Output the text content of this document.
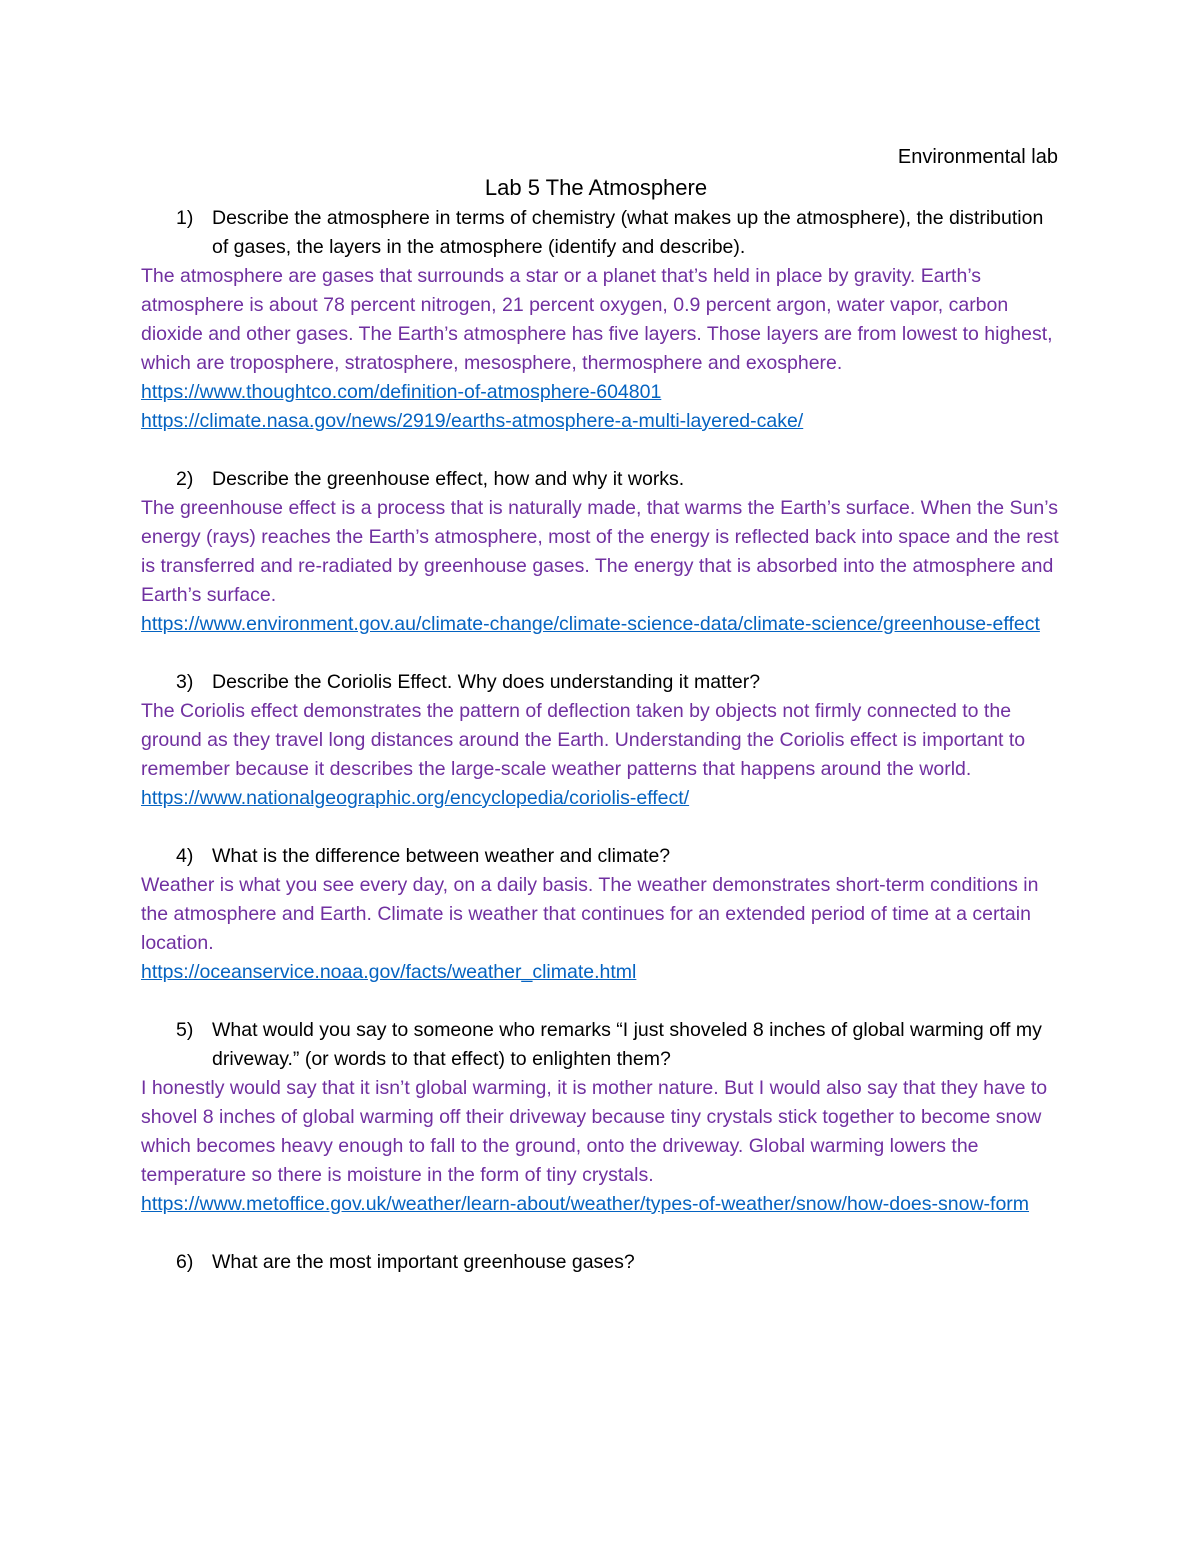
Environmental lab
Lab 5 The Atmosphere

1) Describe the atmosphere in terms of chemistry (what makes up the atmosphere), the distribution of gases, the layers in the atmosphere (identify and describe).

The atmosphere are gases that surrounds a star or a planet that’s held in place by gravity. Earth’s atmosphere is about 78 percent nitrogen, 21 percent oxygen, 0.9 percent argon, water vapor, carbon dioxide and other gases. The Earth’s atmosphere has five layers. Those layers are from lowest to highest, which are troposphere, stratosphere, mesosphere, thermosphere and exosphere.

https://www.thoughtco.com/definition-of-atmosphere-604801
https://climate.nasa.gov/news/2919/earths-atmosphere-a-multi-layered-cake/

2) Describe the greenhouse effect, how and why it works.

The greenhouse effect is a process that is naturally made, that warms the Earth’s surface. When the Sun’s energy (rays) reaches the Earth’s atmosphere, most of the energy is reflected back into space and the rest is transferred and re-radiated by greenhouse gases. The energy that is absorbed into the atmosphere and Earth’s surface.

https://www.environment.gov.au/climate-change/climate-science-data/climate-science/greenhouse-effect

3) Describe the Coriolis Effect. Why does understanding it matter?

The Coriolis effect demonstrates the pattern of deflection taken by objects not firmly connected to the ground as they travel long distances around the Earth. Understanding the Coriolis effect is important to remember because it describes the large-scale weather patterns that happens around the world.

https://www.nationalgeographic.org/encyclopedia/coriolis-effect/

4) What is the difference between weather and climate?

Weather is what you see every day, on a daily basis. The weather demonstrates short-term conditions in the atmosphere and Earth. Climate is weather that continues for an extended period of time at a certain location.

https://oceanservice.noaa.gov/facts/weather_climate.html

5) What would you say to someone who remarks “I just shoveled 8 inches of global warming off my driveway.” (or words to that effect) to enlighten them?

I honestly would say that it isn’t global warming, it is mother nature. But I would also say that they have to shovel 8 inches of global warming off their driveway because tiny crystals stick together to become snow which becomes heavy enough to fall to the ground, onto the driveway. Global warming lowers the temperature so there is moisture in the form of tiny crystals.

https://www.metoffice.gov.uk/weather/learn-about/weather/types-of-weather/snow/how-does-snow-form

6) What are the most important greenhouse gases?
